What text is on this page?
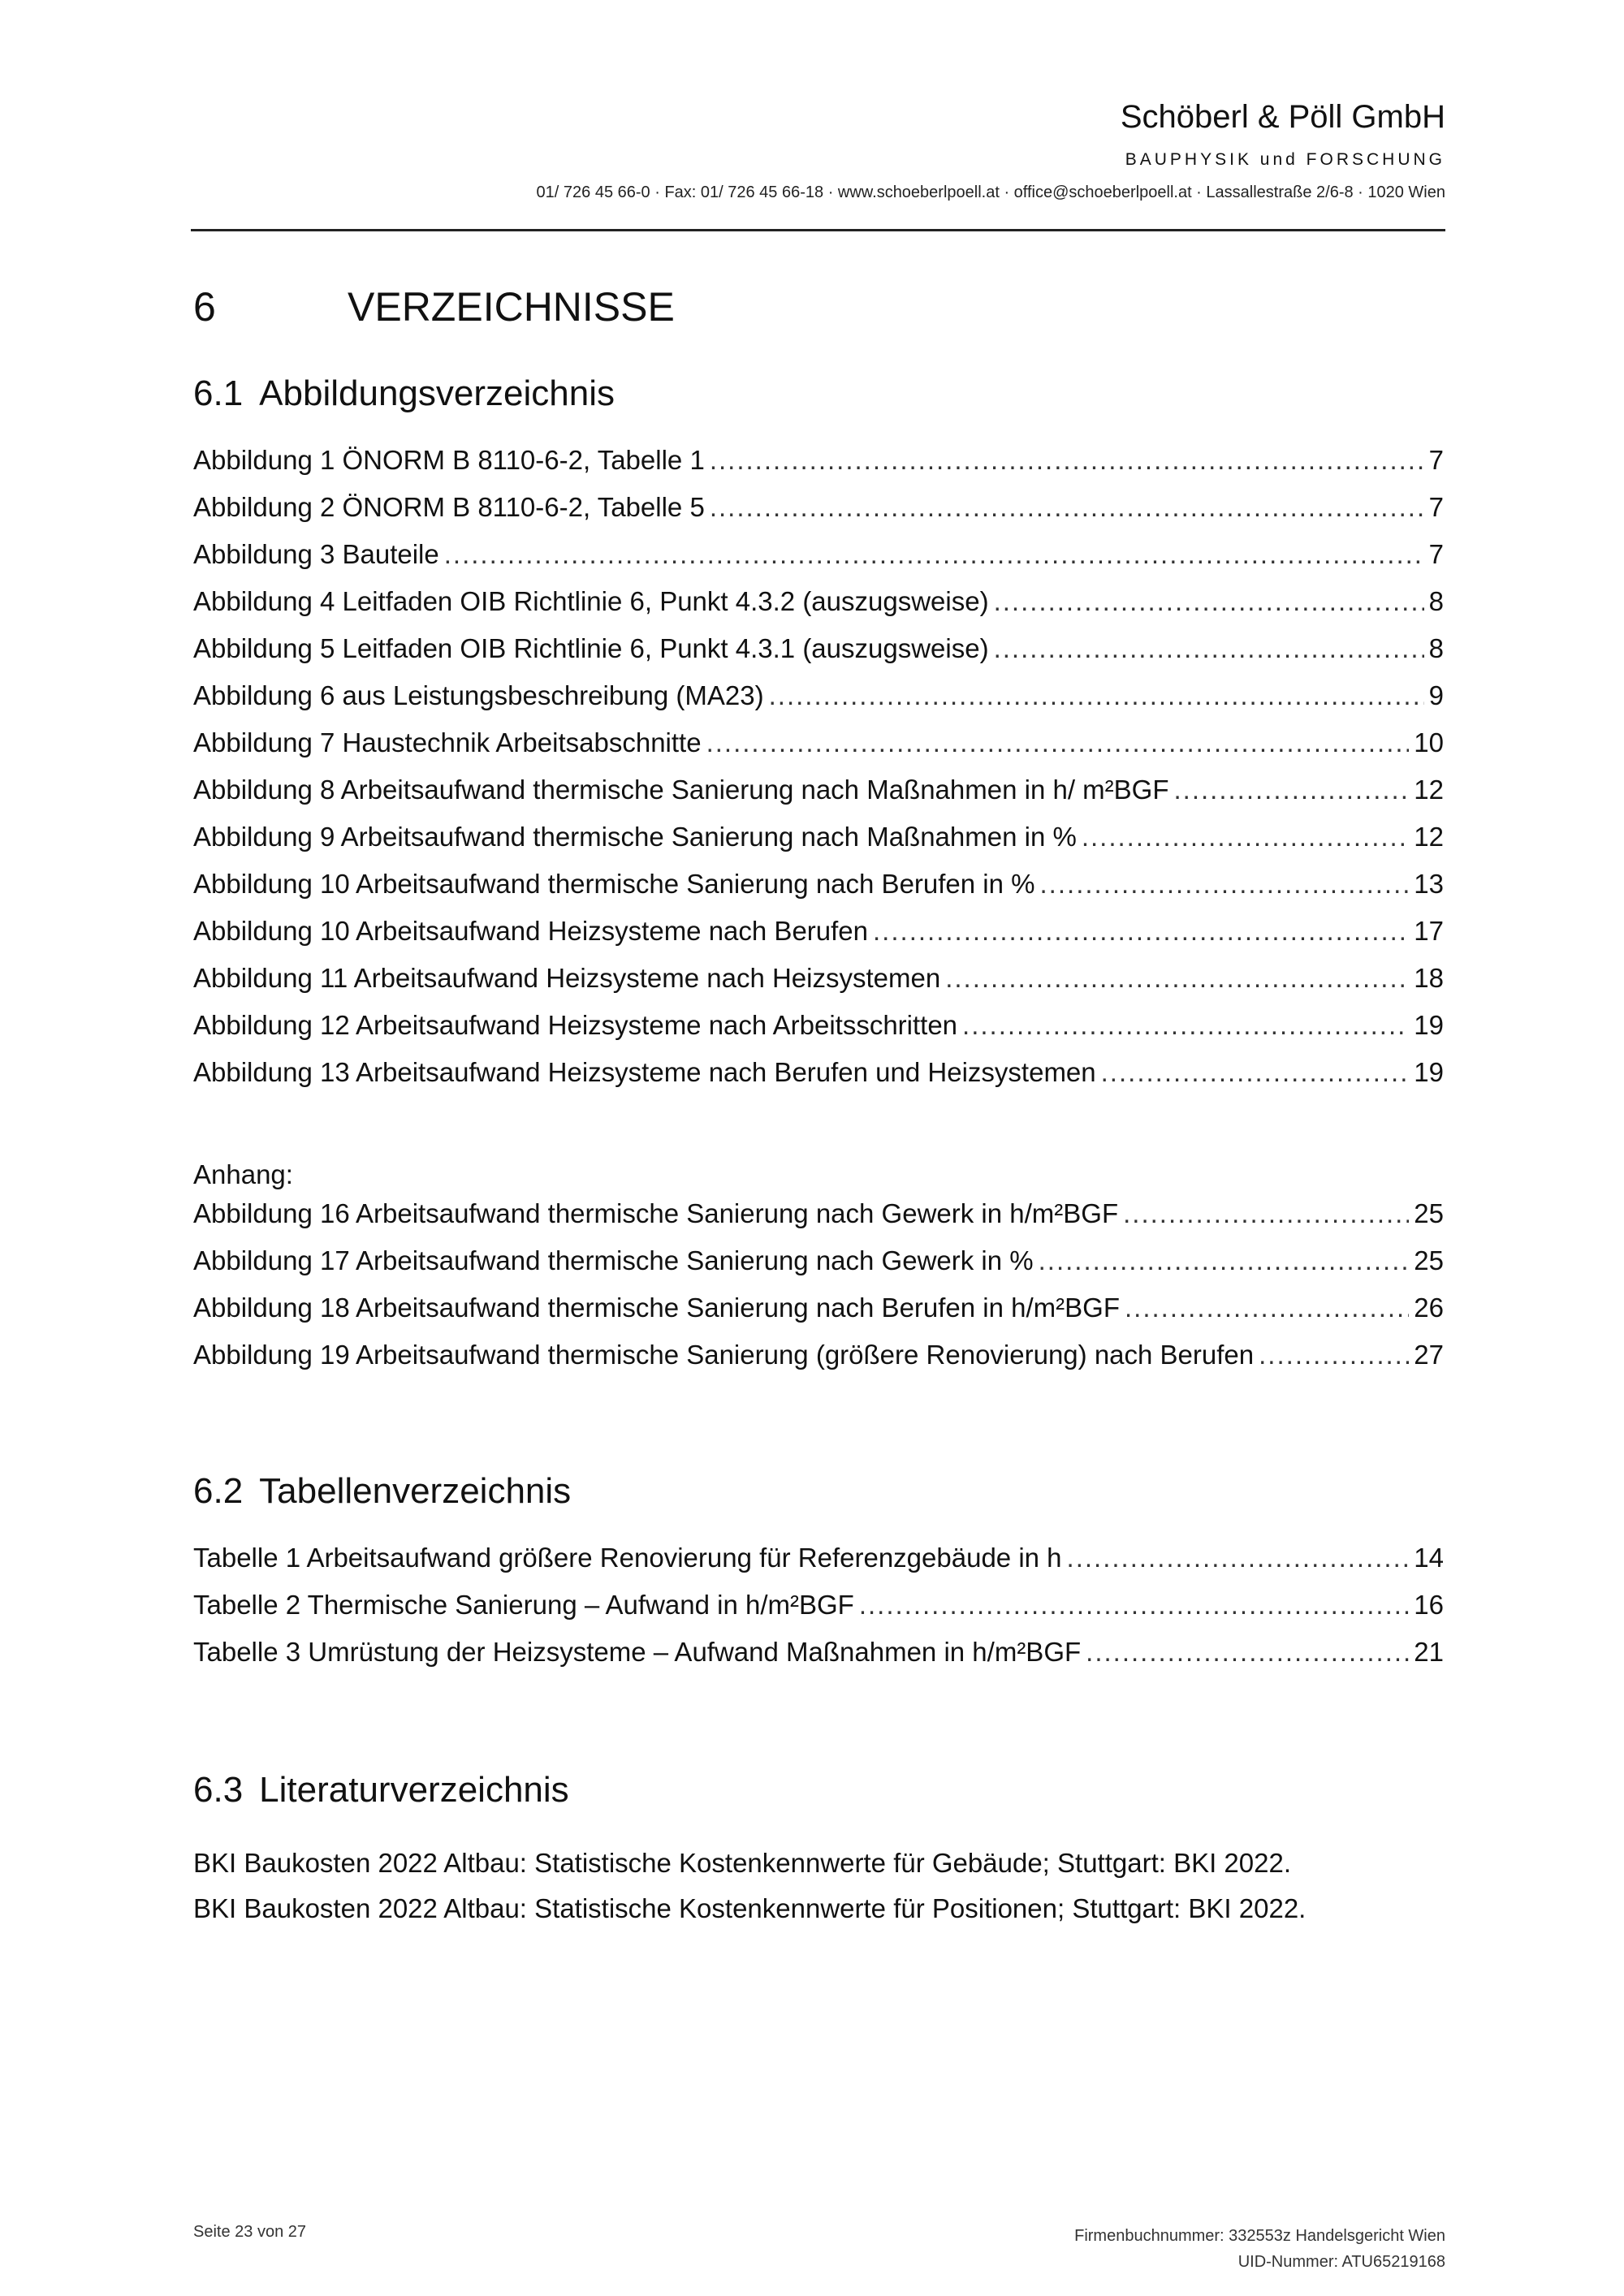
Schöberl & Pöll GmbH
BAUPHYSIK und FORSCHUNG
01/ 726 45 66-0 · Fax: 01/ 726 45 66-18 · www.schoeberlpoell.at · office@schoeberlpoell.at · Lassallestraße 2/6-8 · 1020 Wien
6	VERZEICHNISSE
6.1 Abbildungsverzeichnis
Abbildung 1 ÖNORM B 8110-6-2, Tabelle 1 .....	7
Abbildung 2 ÖNORM B 8110-6-2, Tabelle 5 .....	7
Abbildung 3 Bauteile .....	7
Abbildung 4 Leitfaden OIB Richtlinie 6, Punkt 4.3.2 (auszugsweise) .....	8
Abbildung 5 Leitfaden OIB Richtlinie 6, Punkt 4.3.1 (auszugsweise) .....	8
Abbildung 6 aus Leistungsbeschreibung (MA23) .....	9
Abbildung 7 Haustechnik Arbeitsabschnitte .....	10
Abbildung 8 Arbeitsaufwand thermische Sanierung nach Maßnahmen in h/ m²BGF .....	12
Abbildung 9 Arbeitsaufwand thermische Sanierung nach Maßnahmen in % .....	12
Abbildung 10 Arbeitsaufwand thermische Sanierung nach Berufen in % .....	13
Abbildung 10 Arbeitsaufwand Heizsysteme nach Berufen .....	17
Abbildung 11 Arbeitsaufwand Heizsysteme nach Heizsystemen .....	18
Abbildung 12 Arbeitsaufwand Heizsysteme nach Arbeitsschritten .....	19
Abbildung 13 Arbeitsaufwand Heizsysteme nach Berufen und Heizsystemen .....	19
Anhang:
Abbildung 16 Arbeitsaufwand thermische Sanierung nach Gewerk in h/m²BGF .....	25
Abbildung 17 Arbeitsaufwand thermische Sanierung nach Gewerk in % .....	25
Abbildung 18 Arbeitsaufwand thermische Sanierung nach Berufen in h/m²BGF .....	26
Abbildung 19 Arbeitsaufwand thermische Sanierung (größere Renovierung) nach Berufen .....	27
6.2 Tabellenverzeichnis
Tabelle 1 Arbeitsaufwand größere Renovierung für Referenzgebäude in h .....	14
Tabelle 2 Thermische Sanierung – Aufwand in h/m²BGF .....	16
Tabelle 3 Umrüstung der Heizsysteme – Aufwand Maßnahmen in h/m²BGF .....	21
6.3 Literaturverzeichnis
BKI Baukosten 2022 Altbau: Statistische Kostenkennwerte für Gebäude; Stuttgart: BKI 2022.
BKI Baukosten 2022 Altbau: Statistische Kostenkennwerte für Positionen; Stuttgart: BKI 2022.
Seite 23 von 27	Firmenbuchnummer: 332553z Handelsgericht Wien
UID-Nummer: ATU65219168
